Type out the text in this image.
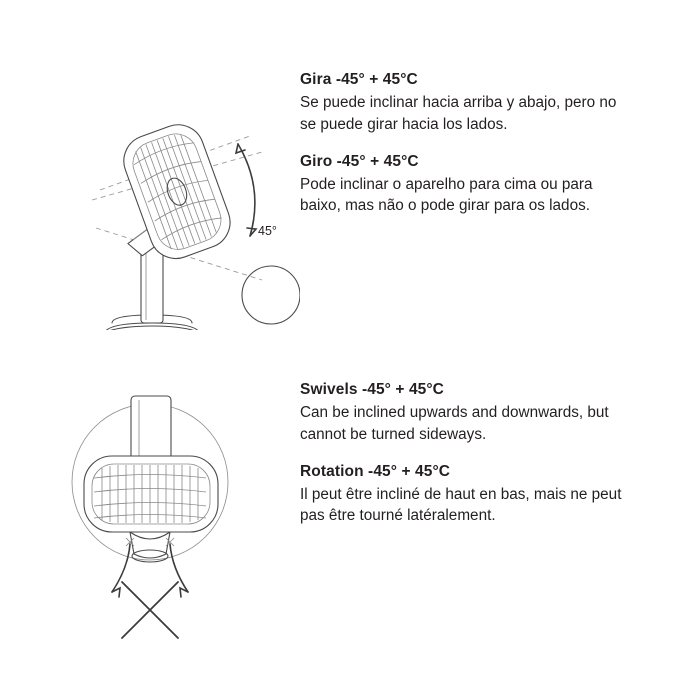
45°
Gira -45° + 45°C

Se puede inclinar hacia arriba y abajo, pero no se puede girar hacia los lados.

Giro -45° + 45°C

Pode inclinar o aparelho para cima ou para baixo, mas não o pode girar para os lados.

Swivels -45° + 45°C

Can be inclined upwards and downwards, but cannot be turned sideways.

Rotation -45° + 45°C

Il peut être incliné de haut en bas, mais ne peut pas être tourné latéralement.
